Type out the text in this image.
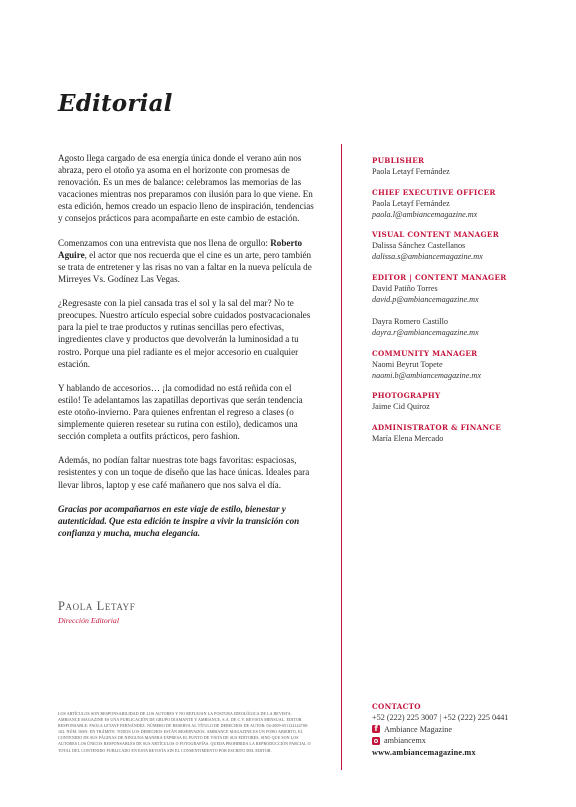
Editorial

Agosto llega cargado de esa energía única donde el verano aún nos abraza, pero el otoño ya asoma en el horizonte con promesas de renovación. Es un mes de balance: celebramos las memorias de las vacaciones mientras nos preparamos con ilusión para lo que viene. En esta edición, hemos creado un espacio lleno de inspiración, tendencias y consejos prácticos para acompañarte en este cambio de estación.

Comenzamos con una entrevista que nos llena de orgullo: Roberto Aguire, el actor que nos recuerda que el cine es un arte, pero también se trata de entretener y las risas no van a faltar en la nueva película de Mirreyes Vs. Godínez Las Vegas.

¿Regresaste con la piel cansada tras el sol y la sal del mar? No te preocupes. Nuestro artículo especial sobre cuidados postvacacionales para la piel te trae productos y rutinas sencillas pero efectivas, ingredientes clave y productos que devolverán la luminosidad a tu rostro. Porque una piel radiante es el mejor accesorio en cualquier estación.

Y hablando de accesorios… ¡la comodidad no está reñida con el estilo! Te adelantamos las zapatillas deportivas que serán tendencia este otoño-invierno. Para quienes enfrentan el regreso a clases (o simplemente quieren resetear su rutina con estilo), dedicamos una sección completa a outfits prácticos, pero fashion.

Además, no podían faltar nuestras tote bags favoritas: espaciosas, resistentes y con un toque de diseño que las hace únicas. Ideales para llevar libros, laptop y ese café mañanero que nos salva el día.

Gracias por acompañarnos en este viaje de estilo, bienestar y autenticidad. Que esta edición te inspire a vivir la transición con confianza y mucha, mucha elegancia.

Paola Letayf
Dirección Editorial
PUBLISHER
Paola Letayf Fernández
CHIEF EXECUTIVE OFFICER
Paola Letayf Fernández
paola.l@ambiancemagazine.mx
VISUAL CONTENT MANAGER
Dalissa Sánchez Castellanos
dalissa.s@ambiancemagazine.mx
EDITOR | CONTENT MANAGER
David Patiño Torres
david.p@ambiancemagazine.mx
Dayra Romero Castillo
dayra.r@ambiancemagazine.mx
COMMUNITY MANAGER
Naomi Beyrut Topete
naomi.b@ambiancemagazine.mx
PHOTOGRAPHY
Jaime Cid Quiroz
ADMINISTRATOR & FINANCE
María Elena Mercado
LOS ARTÍCULOS SON RESPONSABILIDAD DE LOS AUTORES Y NO REFLEJAN LA POSTURA IDEOLÓGICA DE LA REVISTA. AMBIANCE MAGAZINE ES UNA PUBLICACIÓN DE GRUPO DIAMANTE Y AMBIANCE, S.A. DE C.V. REVISTA MENSUAL. EDITOR RESPONSABLE: PAOLA LETAYF FERNÁNDEZ. NÚMERO DE RESERVA AL TÍTULO DE DERECHOS DE AUTOR: 04-2009-051124144700-102. NÚM. ISSN: EN TRÁMITE. TODOS LOS DERECHOS ESTÁN RESERVADOS. AMBIANCE MAGAZINE ES UN FORO ABIERTO, EL CONTENIDO DE SUS PÁGINAS DE NINGUNA MANERA EXPRESA EL PUNTO DE VISTA DE SUS EDITORES, SINO QUE SON LOS AUTORES LOS ÚNICOS RESPONSABLES DE SUS ARTÍCULOS O FOTOGRAFÍAS. QUEDA PROHIBIDA LA REPRODUCCIÓN PARCIAL O TOTAL DEL CONTENIDO PUBLICADO EN ESTA REVISTA SIN EL CONSENTIMIENTO POR ESCRITO DEL EDITOR.
CONTACTO
+52 (222) 225 3007 | +52 (222) 225 0441
f Ambiance Magazine
ambiancemx
www.ambiancemagazine.mx
